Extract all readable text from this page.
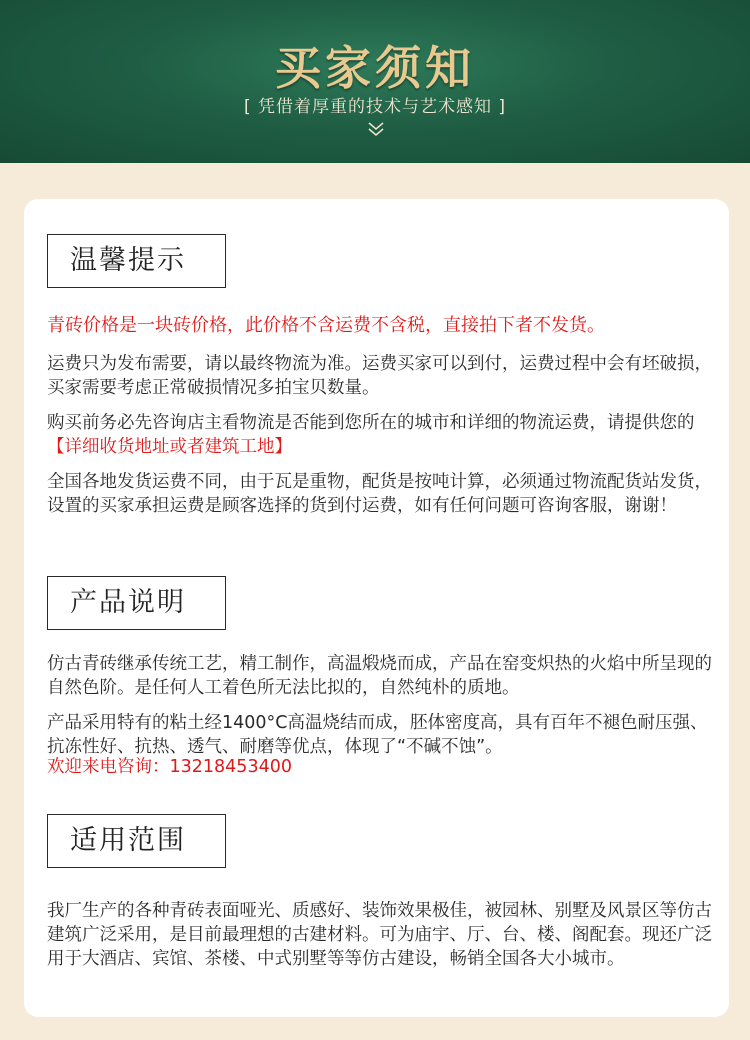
买家须知
[ 凭借着厚重的技术与艺术感知 ]
温馨提示
青砖价格是一块砖价格，此价格不含运费不含税，直接拍下者不发货。
运费只为发布需要，请以最终物流为准。运费买家可以到付，运费过程中会有坯破损，买家需要考虑正常破损情况多拍宝贝数量。
购买前务必先咨询店主看物流是否能到您所在的城市和详细的物流运费，请提供您的【详细收货地址或者建筑工地】
全国各地发货运费不同，由于瓦是重物，配货是按吨计算，必须通过物流配货站发货，设置的买家承担运费是顾客选择的货到付运费，如有任何问题可咨询客服，谢谢！
产品说明
仿古青砖继承传统工艺，精工制作，高温煅烧而成，产品在窑变炽热的火焰中所呈现的自然色阶。是任何人工着色所无法比拟的，自然纯朴的质地。
产品采用特有的粘土经1400°C高温烧结而成，胚体密度高，具有百年不褪色耐压强、抗冻性好、抗热、透气、耐磨等优点，体现了“不碱不蚀”。
欢迎来电咨询：13218453400
适用范围
我厂生产的各种青砖表面哑光、质感好、装饰效果极佳，被园林、别墅及风景区等仿古建筑广泛采用，是目前最理想的古建材料。可为庙宇、厅、台、楼、阁配套。现还广泛用于大酒店、宾馆、茶楼、中式别墅等等仿古建设，畅销全国各大小城市。
